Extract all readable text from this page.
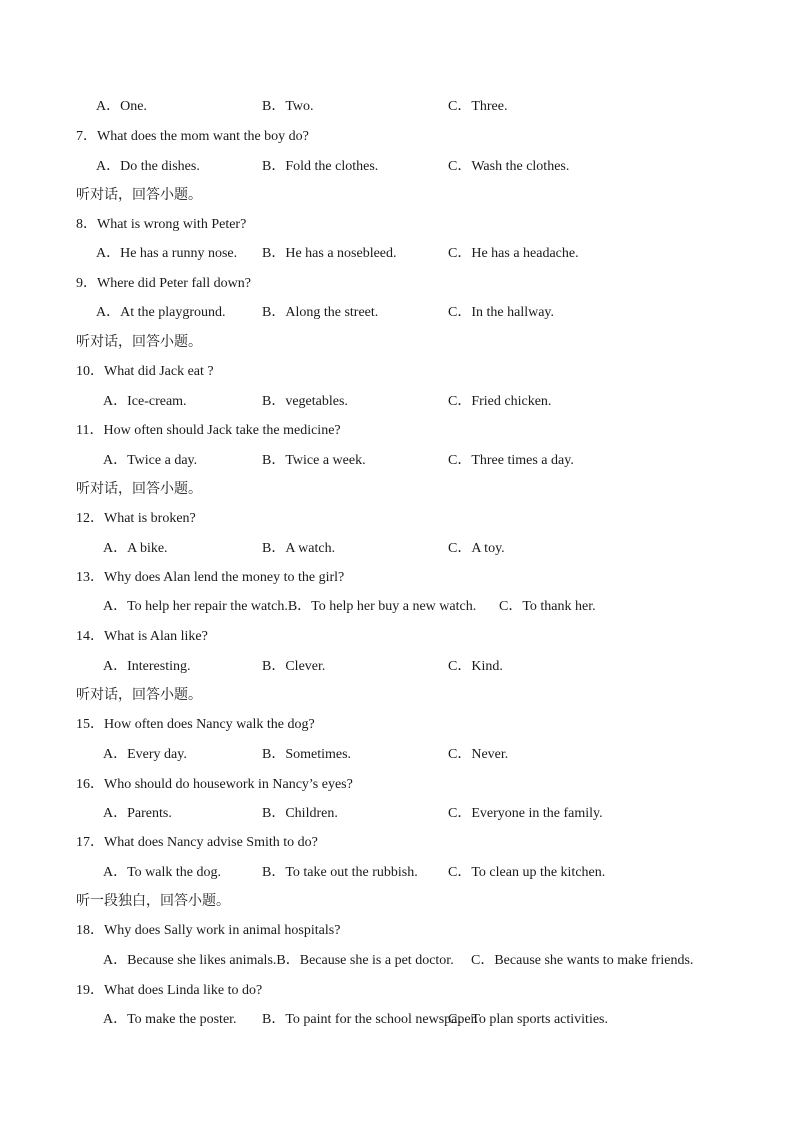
A．One.	B．Two.	C．Three.
7．What does the mom want the boy do?
A．Do the dishes.	B．Fold the clothes.	C．Wash the clothes.
听对话，回答小题。
8．What is wrong with Peter?
A．He has a runny nose. B．He has a nosebleed.	C．He has a headache.
9．Where did Peter fall down?
A．At the playground.	B．Along the street.	C．In the hallway.
听对话，回答小题。
10．What did Jack eat ?
A．Ice-cream.	B．vegetables.	C．Fried chicken.
11．How often should Jack take the medicine?
A．Twice a day.	B．Twice a week.	C．Three times a day.
听对话，回答小题。
12．What is broken?
A．A bike.	B．A watch.	C．A toy.
13．Why does Alan lend the money to the girl?
A．To help her repair the watch.B．To help her buy a new watch. C．To thank her.
14．What is Alan like?
A．Interesting.	B．Clever.	C．Kind.
听对话，回答小题。
15．How often does Nancy walk the dog?
A．Every day.	B．Sometimes.	C．Never.
16．Who should do housework in Nancy’s eyes?
A．Parents.	B．Children.	C．Everyone in the family.
17．What does Nancy advise Smith to do?
A．To walk the dog.	B．To take out the rubbish. C．To clean up the kitchen.
听一段独白，回答小题。
18．Why does Sally work in animal hospitals?
A．Because she likes animals.B．Because she is a pet doctor. C．Because she wants to make friends.
19．What does Linda like to do?
A．To make the poster. B．To paint for the school newspaper.
C．To plan sports activities.
